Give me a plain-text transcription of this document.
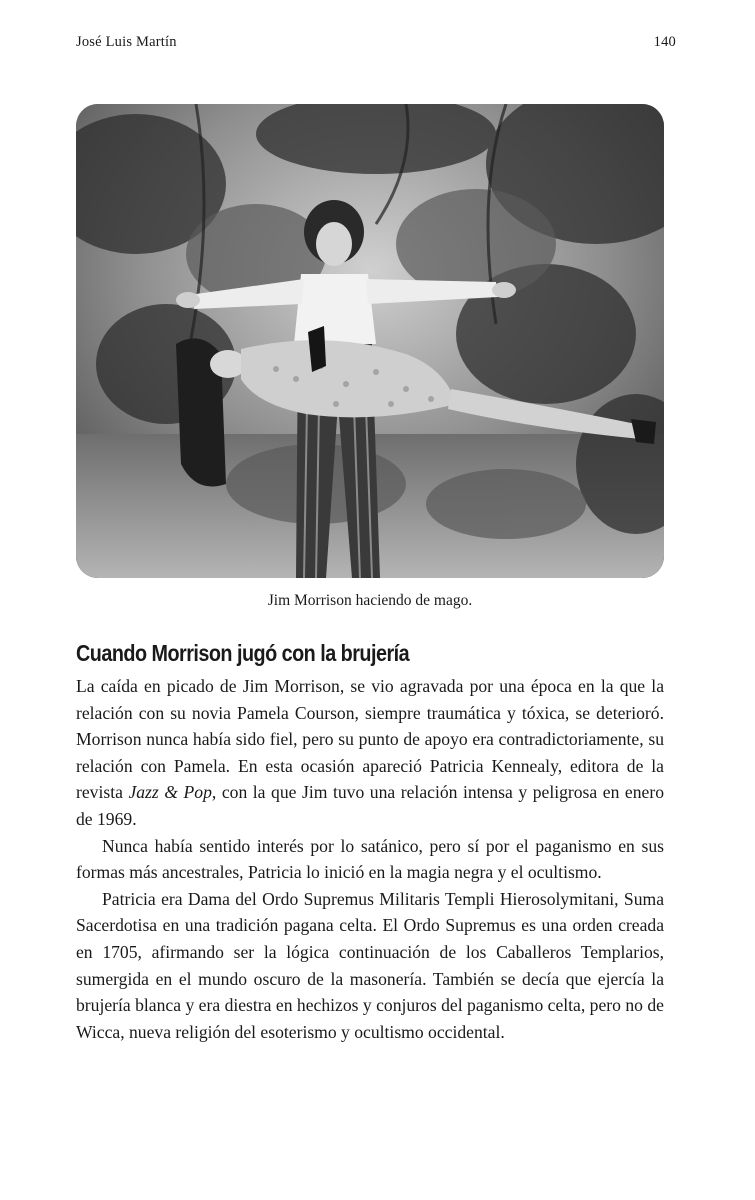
José Luis Martín	140
Jim Morrison haciendo de mago.
Cuando Morrison jugó con la brujería

La caída en picado de Jim Morrison, se vio agravada por una época en la que la relación con su novia Pamela Courson, siempre traumática y tóxica, se deterioró. Morrison nunca había sido fiel, pero su punto de apoyo era contradictoriamente, su relación con Pamela. En esta ocasión apareció Patricia Kennealy, editora de la revista Jazz & Pop, con la que Jim tuvo una relación intensa y peligrosa en enero de 1969.

Nunca había sentido interés por lo satánico, pero sí por el paganismo en sus formas más ancestrales, Patricia lo inició en la magia negra y el ocultismo.

Patricia era Dama del Ordo Supremus Militaris Templi Hierosolymitani, Suma Sacerdotisa en una tradición pagana celta. El Ordo Supremus es una orden creada en 1705, afirmando ser la lógica continuación de los Caballeros Templarios, sumergida en el mundo oscuro de la masonería. También se decía que ejercía la brujería blanca y era diestra en hechizos y conjuros del paganismo celta, pero no de Wicca, nueva religión del esoterismo y ocultismo occidental.
